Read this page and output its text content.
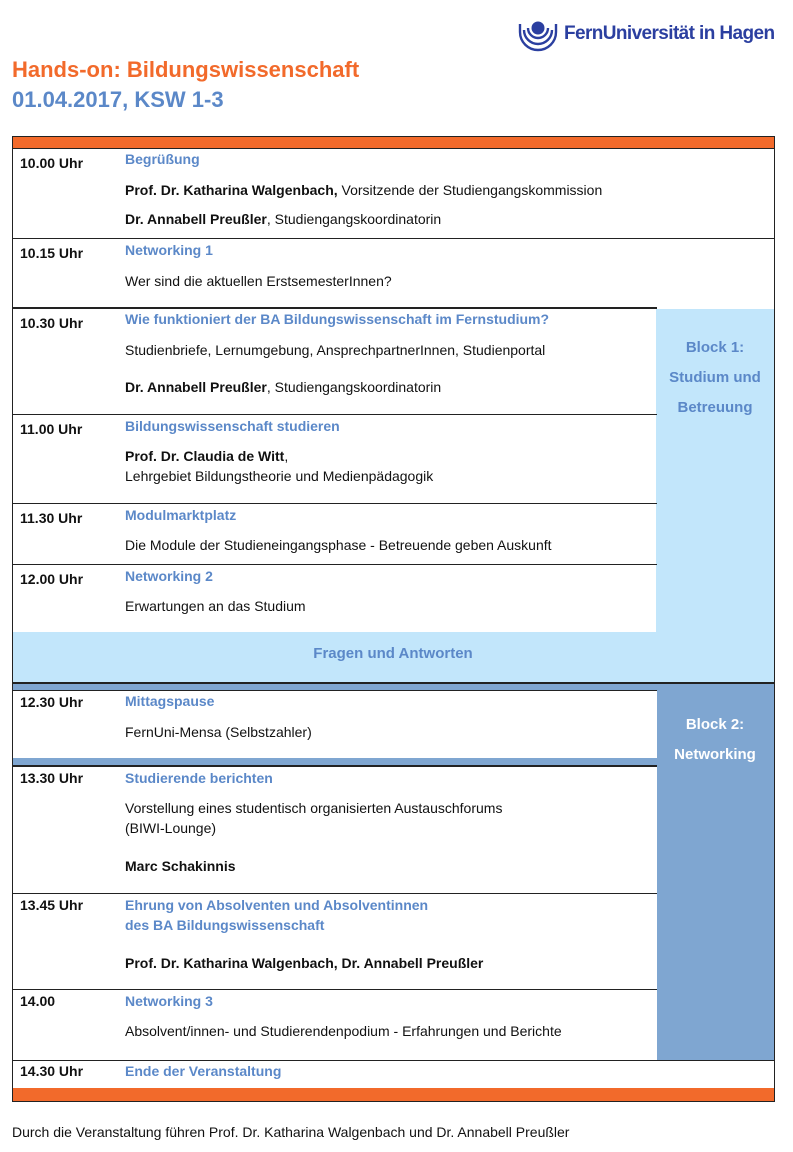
FernUniversität in Hagen
Hands-on: Bildungswissenschaft
01.04.2017, KSW 1-3
Block 1:
Studium und
Betreuung
10.00 Uhr	Begrüßung
Prof. Dr. Katharina Walgenbach, Vorsitzende der Studiengangskommission
Dr. Annabell Preußler, Studiengangskoordinatorin
10.15 Uhr	Networking 1
Wer sind die aktuellen ErstsemesterInnen?
10.30 Uhr	Wie funktioniert der BA Bildungswissenschaft im Fernstudium?
Studienbriefe, Lernumgebung, AnsprechpartnerInnen, Studienportal
Dr. Annabell Preußler, Studiengangskoordinatorin
11.00 Uhr	Bildungswissenschaft studieren
Prof. Dr. Claudia de Witt,
Lehrgebiet Bildungstheorie und Medienpädagogik
11.30 Uhr	Modulmarktplatz
Die Module der Studieneingangsphase - Betreuende geben Auskunft
12.00 Uhr	Networking 2
Erwartungen an das Studium
Fragen und Antworten
Block 2:
Networking
12.30 Uhr	Mittagspause
FernUni-Mensa (Selbstzahler)
13.30 Uhr	Studierende berichten
Vorstellung eines studentisch organisierten Austauschforums
(BIWI-Lounge)
Marc Schakinnis
13.45 Uhr	Ehrung von Absolventen und Absolventinnen
des BA Bildungswissenschaft
Prof. Dr. Katharina Walgenbach, Dr. Annabell Preußler
14.00	Networking 3
Absolvent/innen- und Studierendenpodium - Erfahrungen und Berichte
14.30 Uhr	Ende der Veranstaltung
Durch die Veranstaltung führen Prof. Dr. Katharina Walgenbach und Dr. Annabell Preußler
